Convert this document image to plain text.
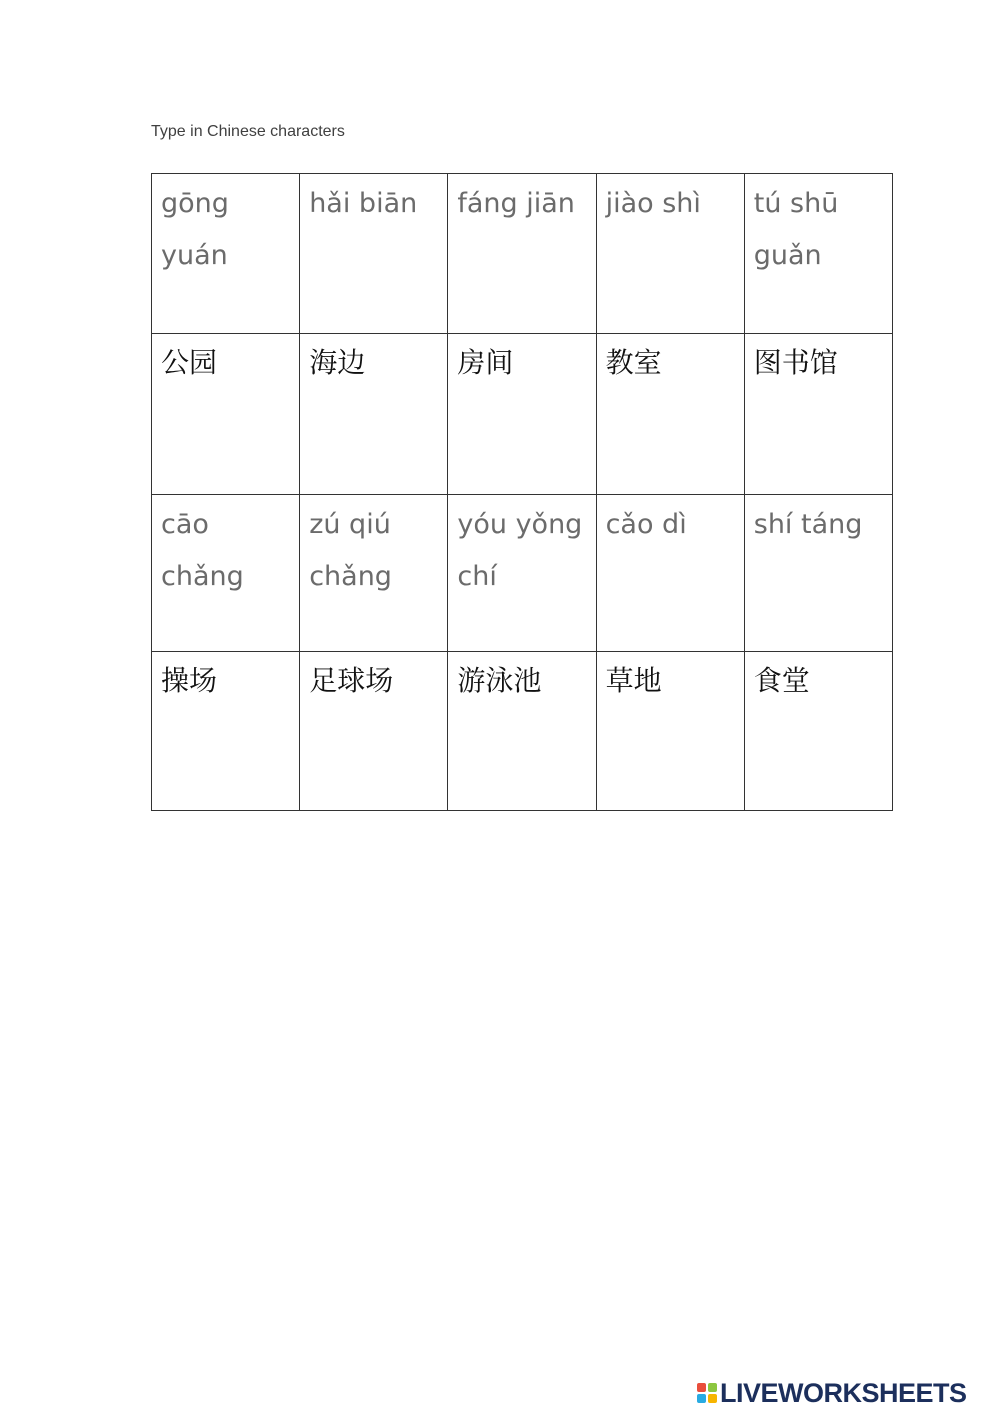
Type in Chinese characters
gōng yuán	hǎi biān	fáng jiān	jiào shì	tú shū guǎn

公园	海边	房间	教室	图书馆

cāo chǎng	zú qiú chǎng	yóu yǒng chí	cǎo dì	shí táng

操场	足球场	游泳池	草地	食堂
LIVEWORKSHEETS
